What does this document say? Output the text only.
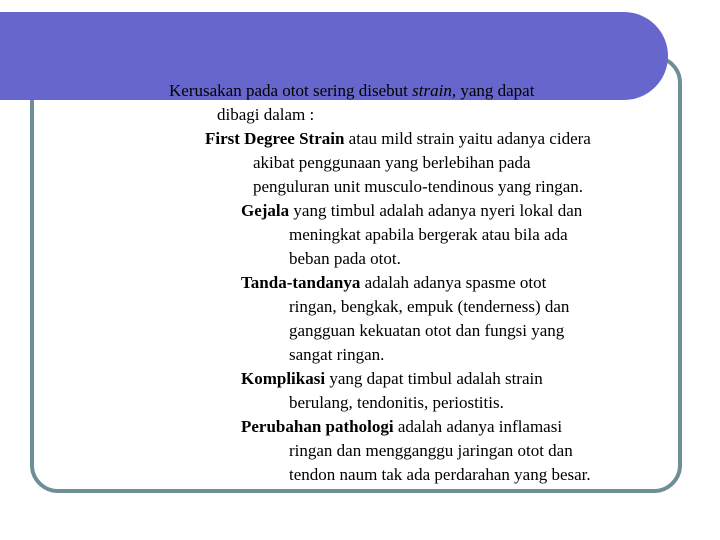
Kerusakan pada otot sering disebut strain, yang dapat
dibagi dalam :
First Degree Strain atau mild strain yaitu adanya cidera
akibat penggunaan yang berlebihan pada
penguluran unit musculo-tendinous yang ringan.
Gejala yang timbul adalah adanya nyeri lokal dan
meningkat apabila bergerak atau bila ada
beban pada otot.
Tanda-tandanya adalah adanya spasme otot
ringan, bengkak, empuk (tenderness) dan
gangguan kekuatan otot dan fungsi yang
sangat ringan.
Komplikasi yang dapat timbul adalah strain
berulang, tendonitis, periostitis.
Perubahan pathologi adalah adanya inflamasi
ringan dan mengganggu jaringan otot dan
tendon naum tak ada perdarahan yang besar.
